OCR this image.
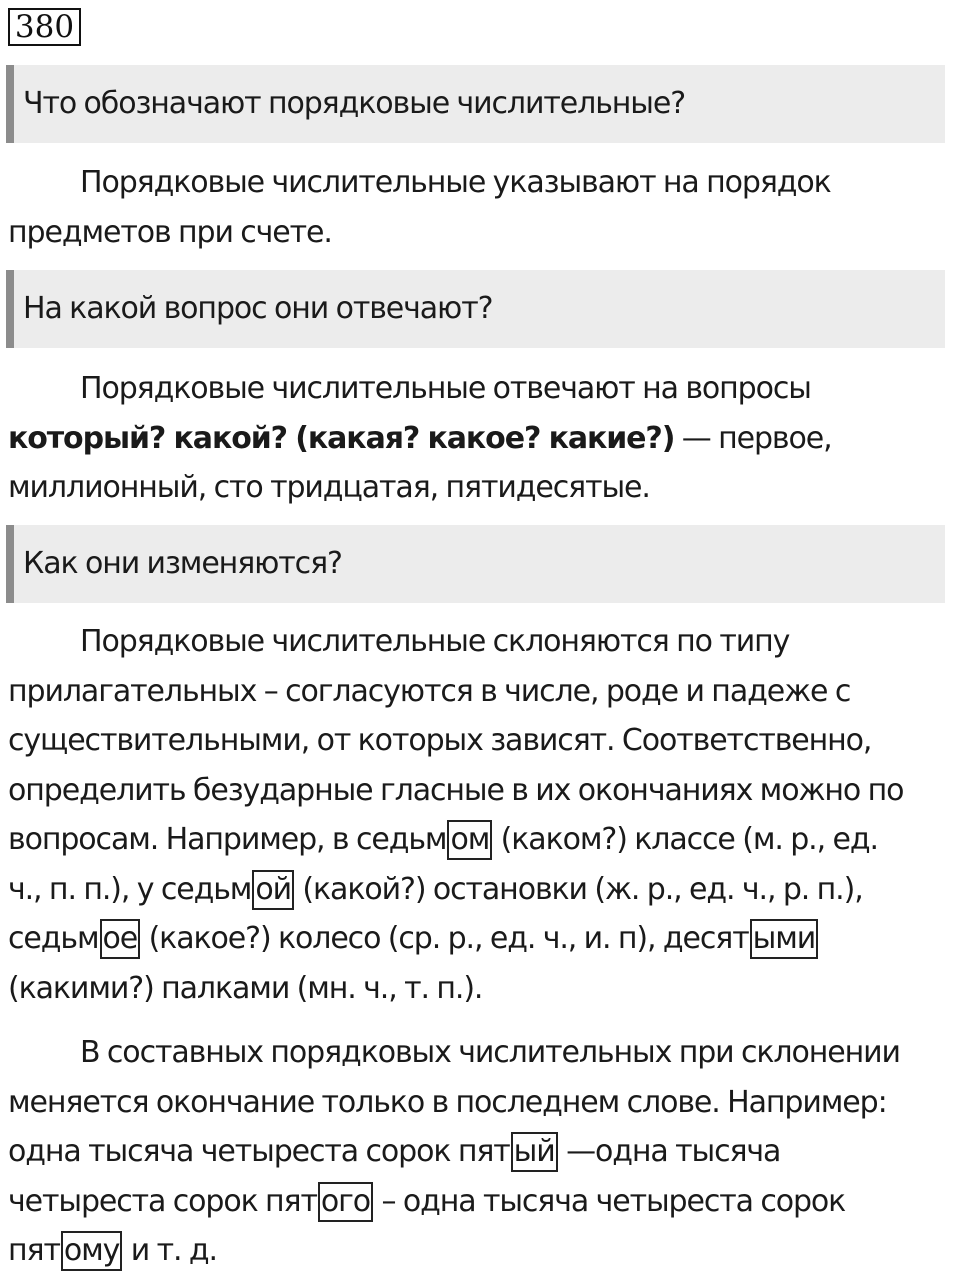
380
Что обозначают порядковые числительные?
Порядковые числительные указывают на порядок
предметов при счете.
На какой вопрос они отвечают?
Порядковые числительные отвечают на вопросы
который? какой? (какая? какое? какие?) — первое,
миллионный, сто тридцатая, пятидесятые.
Как они изменяются?
Порядковые числительные склоняются по типу
прилагательных – согласуются в числе, роде и падеже с
существительными, от которых зависят. Соответственно,
определить безударные гласные в их окончаниях можно по
вопросам. Например, в седьм ом (каком?) классе (м. р., ед.
ч., п. п.), у седьм ой (какой?) остановки (ж. р., ед. ч., р. п.),
седьм ое (какое?) колесо (ср. р., ед. ч., и. п), десят ыми
(какими?) палками (мн. ч., т. п.).
В составных порядковых числительных при склонении
меняется окончание только в последнем слове. Например:
одна тысяча четыреста сорок пят ый —одна тысяча
четыреста сорок пят ого – одна тысяча четыреста сорок
пят ому и т. д.
